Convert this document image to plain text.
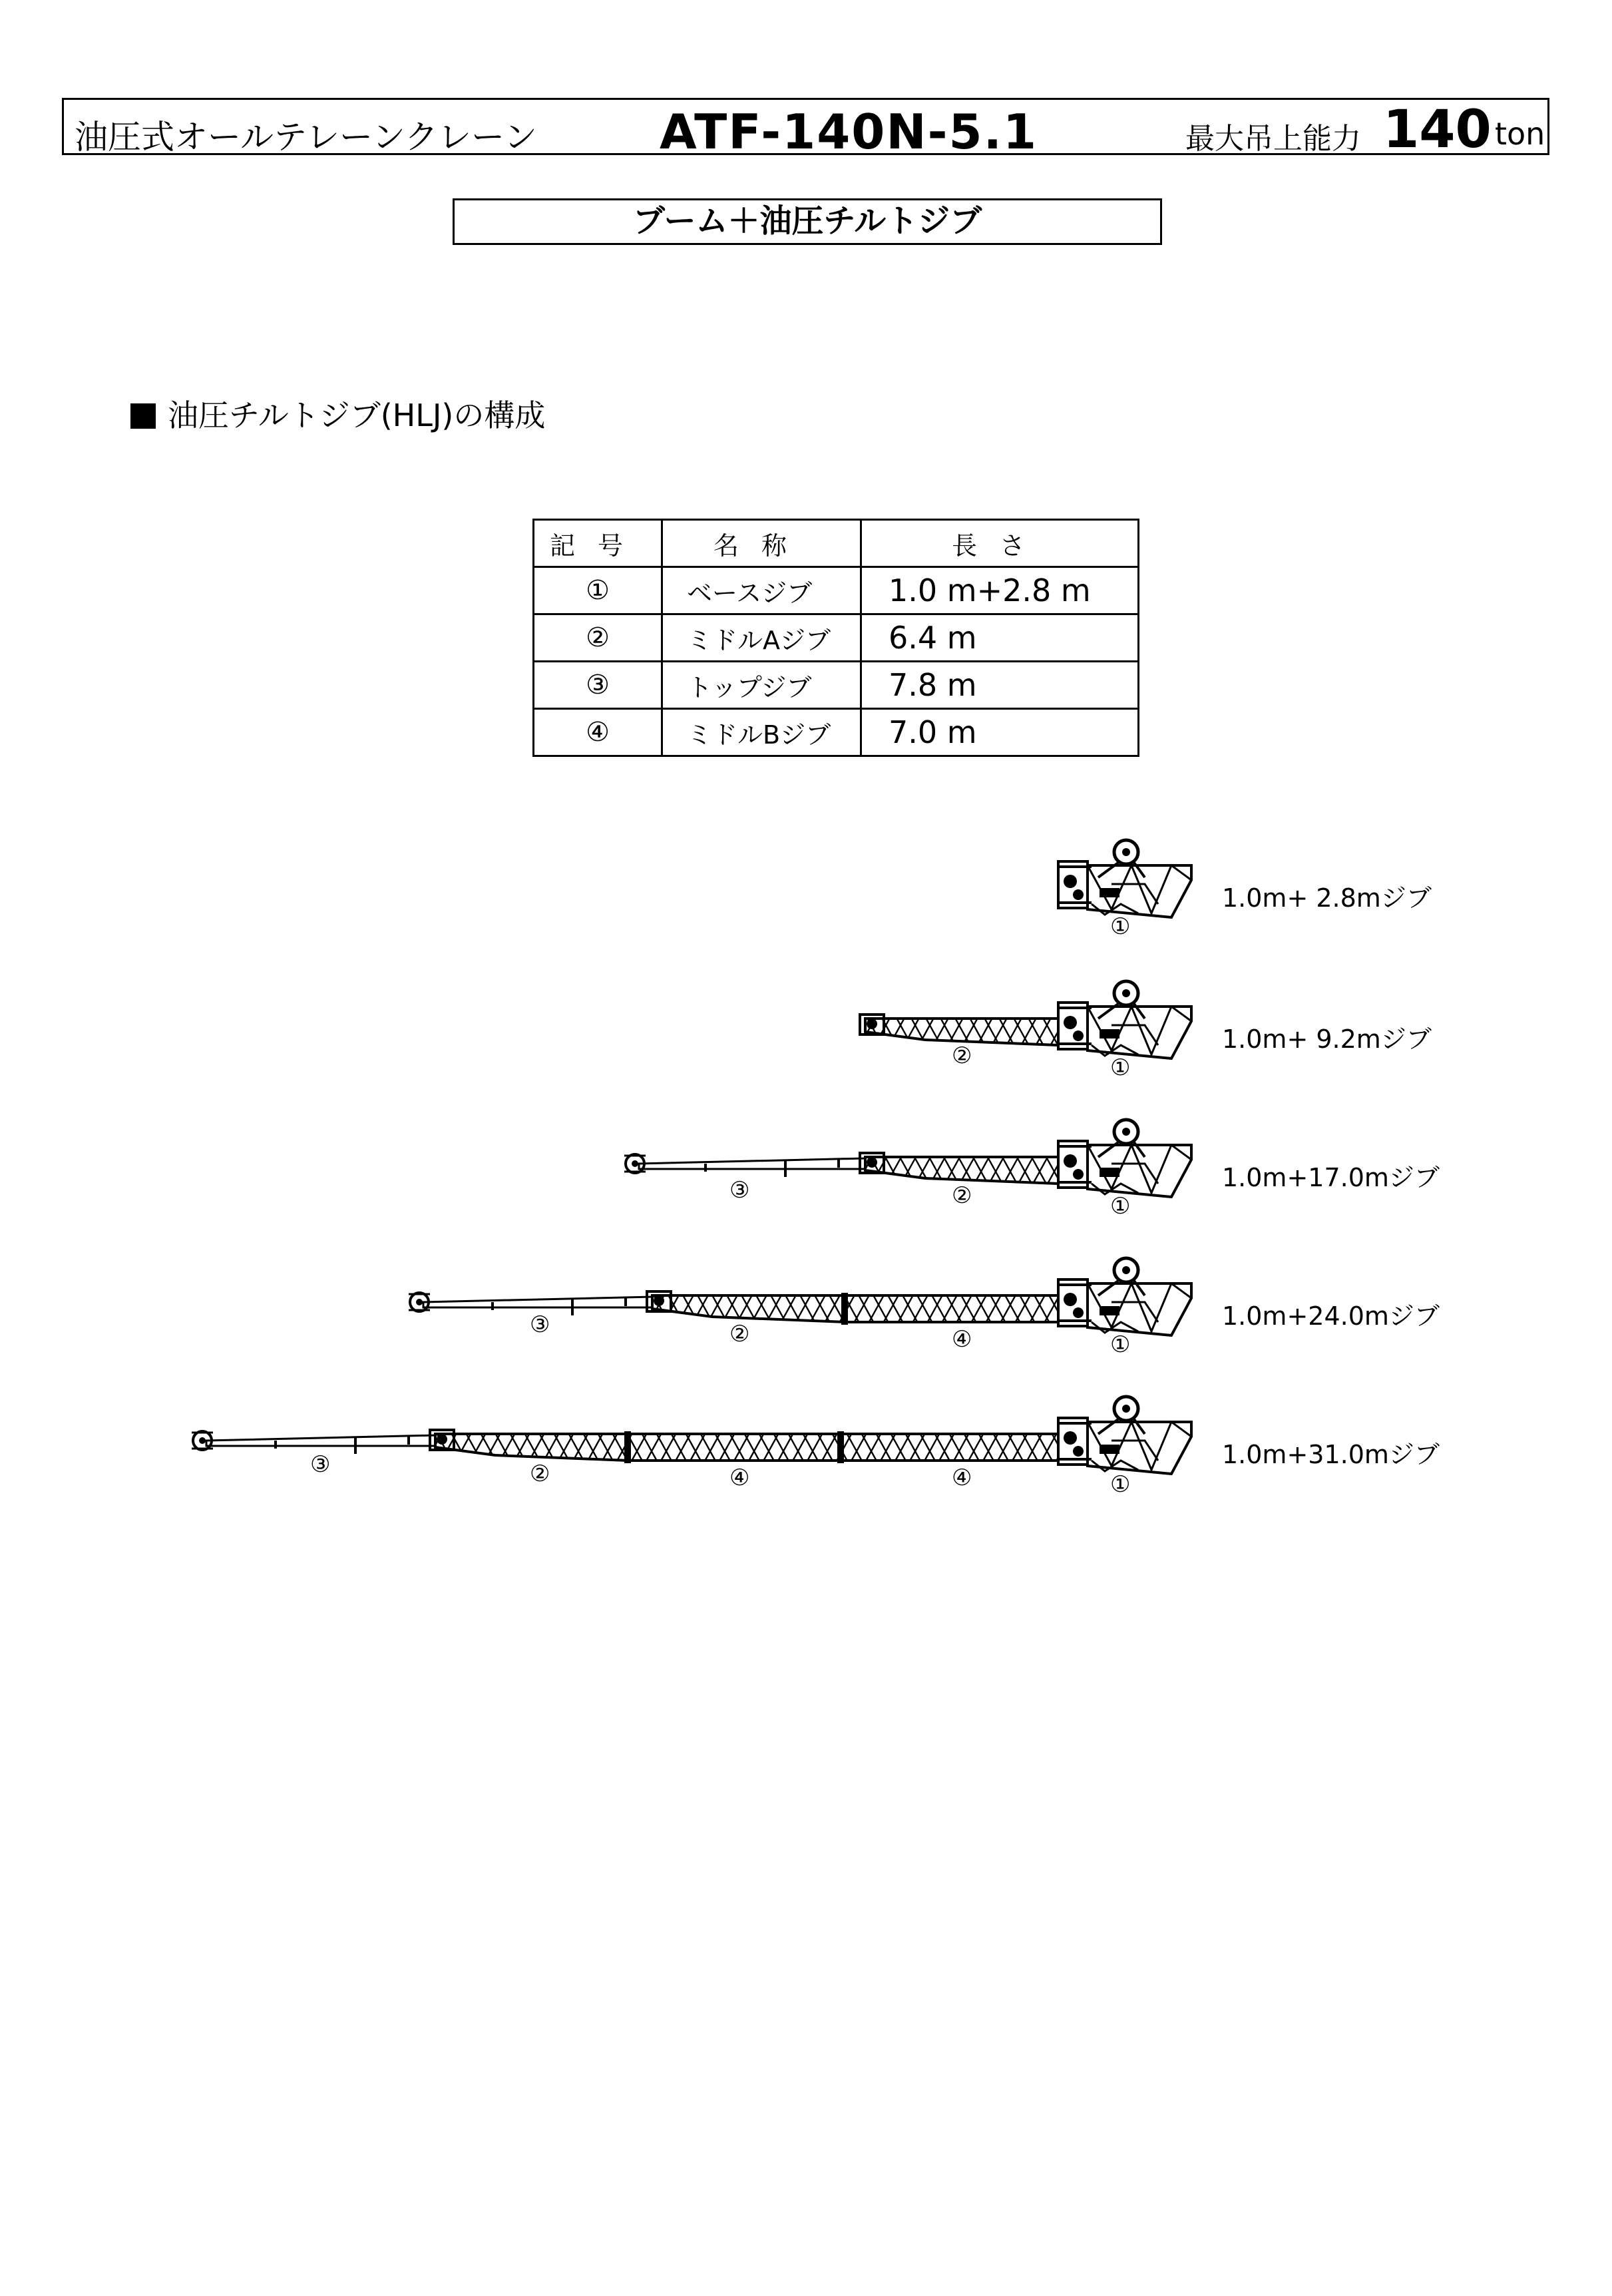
油圧式オールテレーンクレーン	ATF-140N-5.1	最大吊上能力 140 ton
ブーム＋油圧チルトジブ
油圧チルトジブ(HLJ)の構成
記号	名称	長さ
①	ベースジブ	1.0 m+2.8 m
②	ミドルAジブ	6.4 m
③	トップジブ	7.8 m
④	ミドルBジブ	7.0 m
1.0m+ 2.8mジブ
1.0m+ 9.2mジブ
1.0m+17.0mジブ
1.0m+24.0mジブ
1.0m+31.0mジブ
①
②	①
③	②	①
③	②	④	①
③	②	④	④	①
